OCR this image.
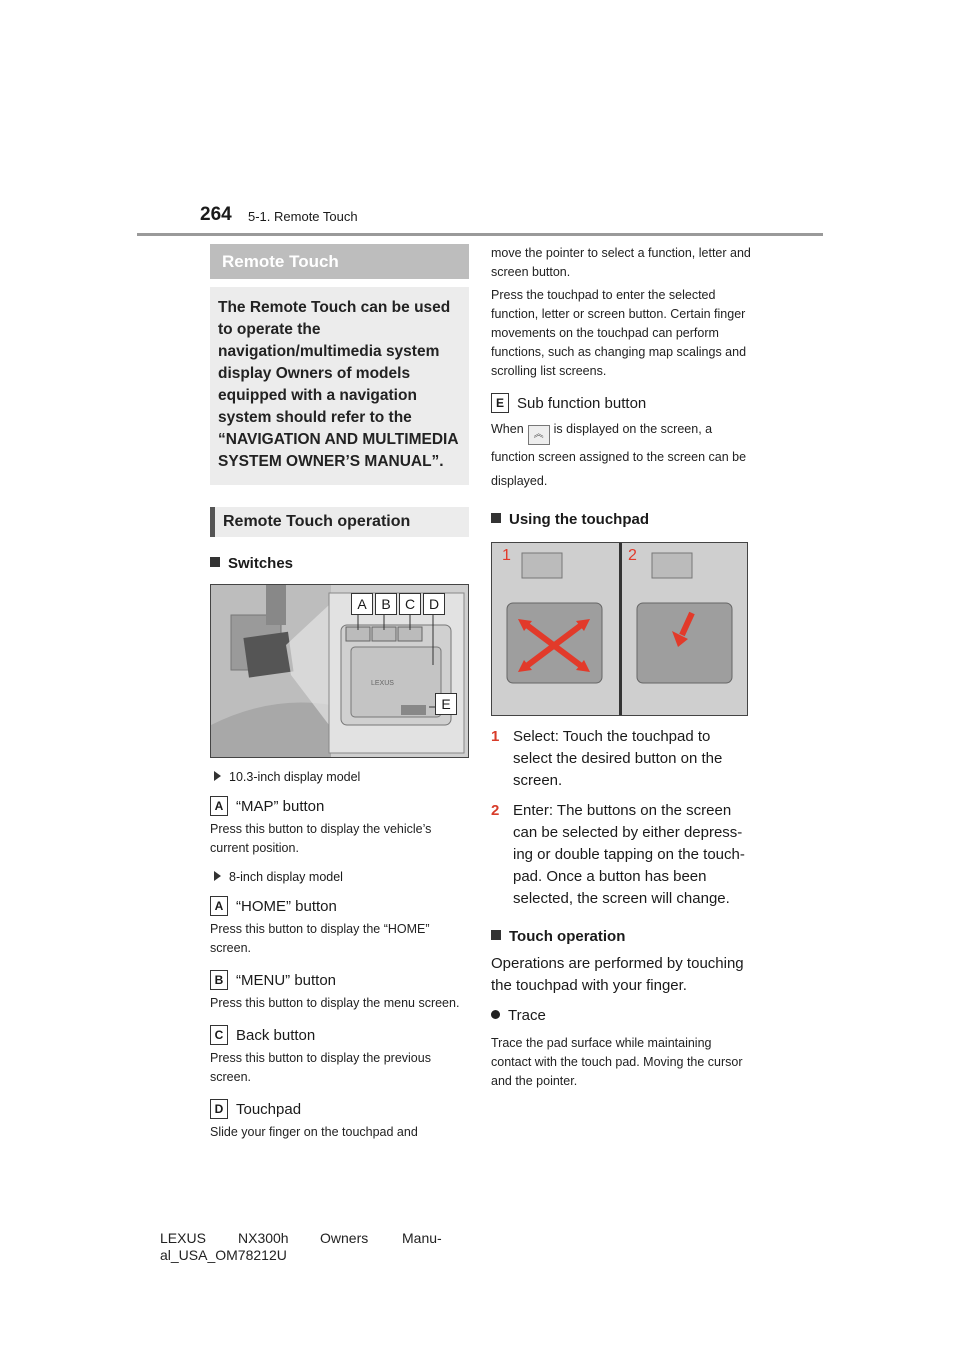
264 5-1. Remote Touch
Remote Touch
The Remote Touch can be used to operate the navigation/multimedia system display Owners of models equipped with a navigation system should refer to the “NAVIGATION AND MULTIMEDIA SYSTEM OWNER’S MANUAL”.
Remote Touch operation
Switches
LEXUS
A	B	C D
E
10.3-inch display model
A “MAP” button
Press this button to display the vehicle’s current position.
8-inch display model
A “HOME” button
Press this button to display the “HOME” screen.
B “MENU” button
Press this button to display the menu screen.
C Back button
Press this button to display the previous screen.
D Touchpad
Slide your finger on the touchpad and
move the pointer to select a function, letter and screen button.
Press the touchpad to enter the selected function, letter or screen button. Certain finger movements on the touchpad can perform functions, such as changing map scalings and scrolling list screens.
E Sub function button
When ︽ is displayed on the screen, a function screen assigned to the screen can be displayed.
Using the touchpad
1	2
1 Select: Touch the touchpad to select the desired button on the screen.
2 Enter: The buttons on the screen can be selected by either depress-ing or double tapping on the touch-pad. Once a button has been selected, the screen will change.
Touch operation
Operations are performed by touching the touchpad with your finger.
Trace
Trace the pad surface while maintaining contact with the touch pad. Moving the cursor and the pointer.
LEXUS	NX300h	Owners	Manu-
al_USA_OM78212U
